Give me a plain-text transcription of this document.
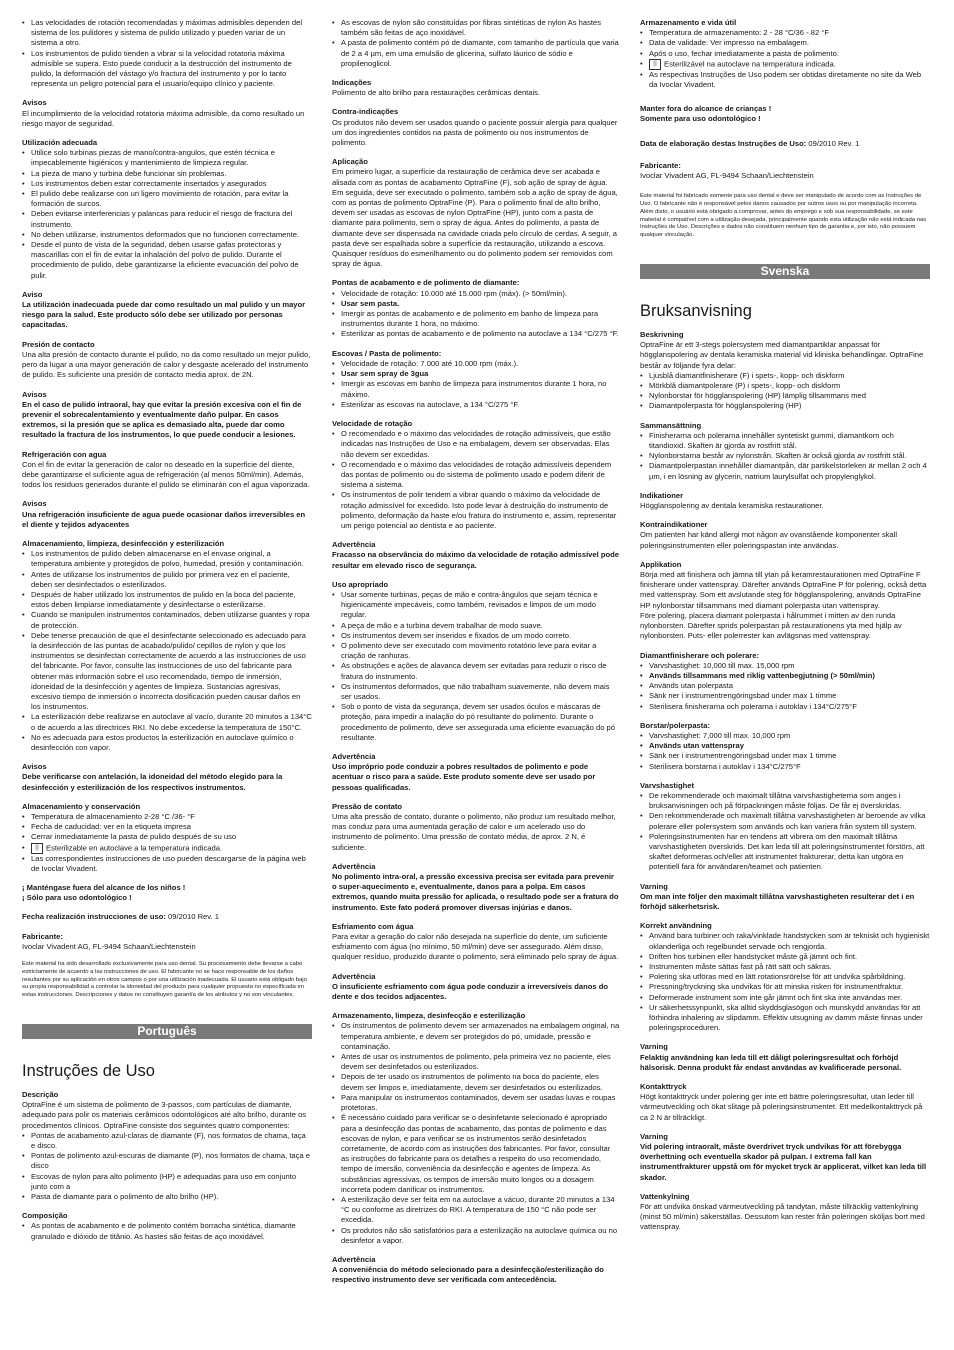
• Las velocidades de rotación recomendadas y máximas admisibles dependen del sistema de los pulidores y sistema de pulido utilizado y pueden variar de un sistema a otro.
• Los instrumentos de pulido tienden a vibrar si la velocidad rotatoria máxima admisible se supera. Esto puede conducir a la destrucción del instrumento de pulido, la deformación del vástago y/o fractura del instrumento y por lo tanto representa un peligro potencial para el usuario/equipo clínico y paciente.
Avisos
El incumplimiento de la velocidad rotatoria máxima admisible, da como resultado un riesgo mayor de seguridad.
Utilización adecuada
• Utilice solo turbinas piezas de mano/contra-angulos, que estén técnica e impecablemente higiénicos y mantenimiento de limpieza regular.
• La pieza de mano y turbina debe funcionar sin problemas.
• Los instrumentos deben estar correctamente insertados y asegurados
• El pulido debe realizarse con un ligero movimiento de rotación, para evitar la formación de surcos.
• Deben evitarse interferencias y palancas para reducir el riesgo de fractura del instrumento.
• No deben utilizarse, instrumentos deformados que no funcionen correctamente.
• Desde el punto de vista de la seguridad, deben usarse gafas protectoras y mascarillas con el fin de evitar la inhalación del polvo de pulido. Durante el procedimiento de pulido, debe garantizarse la eficiente evacuación del polvo de pulir.
Aviso
La utilización inadecuada puede dar como resultado un mal pulido y un mayor riesgo para la salud. Este producto sólo debe ser utilizado por personas capacitadas.
Presión de contacto
Una alta presión de contacto durante el pulido, no da como resultado un mejor pulido, pero da lugar a una mayor generación de calor y desgaste acelerado del instrumento de pulido. Es suficiente una presión de contacto media aprox. de 2N.
Avisos
En el caso de pulido intraoral, hay que evitar la presión excesiva con el fin de prevenir el sobrecalentamiento y eventualmente daño pulpar. En casos extremos, si la presión que se aplica es demasiado alta, puede dar como resultado la fractura de los instrumentos, lo que puede conducir a lesiones.
Refrigeración con agua
Con el fin de evitar la generación de calor no deseado en la superficie del diente, debe garantizarse el suficiente agua de refrigeración (al menos 50ml/min). Además, todos los residuos generados durante el pulido se eliminarán con el agua vaporizada.
Avisos
Una refrigeración insuficiente de agua puede ocasionar daños irreversibles en el diente y tejidos adyacentes
Almacenamiento, limpieza, desinfección y esterilización
• Los instrumentos de pulido deben almacenarse en el envase original, a temperatura ambiente y protegidos de polvo, humedad, presión y contaminación.
• Antes de utilizarse los instrumentos de pulido por primera vez en el paciente, deben ser desinfectados o esterilizados.
• Después de haber utilizado los instrumentos de pulido en la boca del paciente, estos deben limpiarse inmediatamente y desinfectarse o esterilizarse.
• Cuando se manipulen instrumentos contaminados, deben utilizarse guantes y ropa de protección.
• Debe tenerse precaución de que el desinfectante seleccionado es adecuado para la desinfección de las puntas de acabado/pulido/ cepillos de nylon y que los instrumentos se desinfectan correctamente de acuerdo a las instrucciones de uso del fabricante. Por favor, consulte las instrucciones de uso del fabricante para obtener más información sobre el uso recomendado, tiempo de inmersión, idoneidad de la desinfección y agentes de limpieza. Sustancias agresivas, excesivo tiempo de inmersión o incorrecta dosificación pueden causar daños en los instrumentos.
• La esterilización debe realizarse en autoclave al vacío, durante 20 minutos a 134°C o de acuerdo a las directrices RKI. No debe excederse la temperatura de 150°C.
• No es adecuada para estos productos la esterilización en autoclave químico o desinfección con vapor.
Avisos
Debe verificarse con antelación, la idoneidad del método elegido para la desinfección y esterilización de los respectivos instrumentos.
Almacenamiento y conservación
• Temperatura de almacenamiento 2-28 °C /36- °F
• Fecha de caducidad: ver en la etiqueta impresa
• Cerrar inmediatamente la pasta de pulido después de su uso
• ▒ Esterilizable en autoclave a la temperatura indicada.
• Las correspondientes instrucciones de uso pueden descargarse de la página web de Ivoclar Vivadent.
¡ Manténgase fuera del alcance de los niños !
¡ Sólo para uso odontológico !
Fecha realización instrucciones de uso: 09/2010 Rev. 1
Fabricante:
Ivoclar Vivadent AG, FL-9494 Schaan/Liechtenstein
Este material ha sido desarrollado exclusivamente para uso dental. Su procesamiento debe llevarse a cabo estrictamente de acuerdo a las instrucciones de uso. El fabricante no se hace responsable de los daños resultantes por su aplicación en otros campos o por una utilización inadecuada. El usuario está obligado bajo su propia responsabilidad a controlar la idoneidad del producto para cualquier propuesta no específicada en estas instrucciones. Descripciones y datos no constituyen garantía de los atributos y no son vinculantes.
Português
Instruções de Uso
Descrição
OptraFine é um sistema de polimento de 3-passos, com partículas de diamante, adequado para polir os materiais cerâmicos odontológicos até alto brilho, durante os procedimentos clínicos. OptraFine consiste dos seguintes quatro componentes:
• Pontas de acabamento azul-claras de diamante (F), nos formatos de chama, taça e disco.
• Pontas de polimento azul-escuras de diamante (P), nos formatos de chama, taça e disco
• Escovas de nylon para alto polimento (HP) e adequadas para uso em conjunto junto com a
• Pasta de diamante para o polimento de alto brilho (HP).
Composição
• As pontas de acabamento e de polimento contém borracha sintética, diamante granulado e dióxido de titânio. As hastes são feitas de aço inoxidável.
• As escovas de nylon são constituídas por fibras sintéticas de nylon As hastes também são feitas de aço inoxidável.
• A pasta de polimento contém pó de diamante, com tamanho de partícula que varia de 2 a 4 µm, em uma emulsão de glicerina, sulfato láurico de sódio e propilenoglicol.
Indicações
Polimento de alto brilho para restaurações cerâmicas dentais.
Contra-indicações
Os produtos não devem ser usados quando o paciente possuir alergia para qualquer um dos ingredientes contidos na pasta de polimento ou nos instrumentos de polimento.
Aplicação
Em primeiro lugar, a superfície da restauração de cerâmica deve ser acabada e alisada com as pontas de acabamento OptraFine (F), sob ação de spray de água. Em seguida, deve ser executado o polimento, também sob a ação de spray de água, com as pontas de polimento OptraFine (P). Para o polimento final de alto brilho, devem ser usadas as escovas de nylon OptraFine (HP), junto com a pasta de diamante para polimento, sem o spray de água. Antes do polimento, a pasta de diamante deve ser dispensada na cavidade criada pelo círculo de cerdas. A seguir, a pasta deve ser espalhada sobre a superfície da restauração, utilizando a escova. Quaisquer resíduos do esmerilhamento ou do polimento podem ser removidos com spray de água.
Pontas de acabamento e de polimento de diamante:
• Velocidade de rotação: 10.000 até 15.000 rpm (máx). (> 50ml/min).
• Usar sem pasta.
• Imergir as pontas de acabamento e de polimento em banho de limpeza para instrumentos durante 1 hora, no máximo.
• Esterilizar as pontas de acabamento e de polimento na autoclave a 134 °C/275 °F.
Escovas / Pasta de polimento:
• Velocidade de rotação: 7.000 até 10.000 rpm (máx.).
• Usar sem spray de 3gua
• Imergir as escovas em banho de limpeza para instrumentos durante 1 hora, no máximo.
• Esterilizar as escovas na autoclave, a 134 °C/275 °F.
Velocidade de rotação
• O recomendado e o máximo das velocidades de rotação admissíveis, que estão indicadas nas Instruções de Uso e na embalagem, devem ser observadas. Elas não devem ser excedidas.
• O recomendado e o máximo das velocidades de rotação admissíveis dependem das pontas de polimento ou do sistema de polimento usado e podem diferir de sistema a sistema.
• Os instrumentos de polir tendem a vibrar quando o máximo da velocidade de rotação admissível for excedido. Isto pode levar à destruição do instrumento de polimento, deformação da haste e/ou fratura do instrumento e, assim, representar um perigo potencial ao dentista e ao paciente.
Advertência
Fracasso na observância do máximo da velocidade de rotação admissível pode resultar em elevado risco de segurança.
Uso apropriado
• Usar somente turbinas, peças de mão e contra-ângulos que sejam técnica e higienicamente impecáveis, como também, revisados e limpos de um modo regular.
• A peça de mão e a turbina devem trabalhar de modo suave.
• Os instrumentos devem ser inseridos e fixados de um modo correto.
• O polimento deve ser executado com movimento rotatório leve para evitar a criação de ranhuras.
• As obstruções e ações de alavanca devem ser evitadas para reduzir o risco de fratura do instrumento.
• Os instrumentos deformados, que não trabalham suavemente, não devem mais ser usados.
• Sob o ponto de vista da segurança, devem ser usados óculos e máscaras de proteção, para impedir a inalação do pó resultante do polimento. Durante o procedimento de polimento, deve ser assegurada uma eficiente evacuação do pó resultante.
Advertência
Uso impróprio pode conduzir a pobres resultados de polimento e pode acentuar o risco para a saúde. Este produto somente deve ser usado por pessoas qualificadas.
Pressão de contato
Uma alta pressão de contato, durante o polimento, não produz um resultado melhor, mas conduz para uma aumentada geração de calor e um acelerado uso do instrumento de polimento. Uma pressão de contato média, de aprox. 2 N, é suficiente.
Advertência
No polimento intra-oral, a pressão excessiva precisa ser evitada para prevenir o super-aquecimento e, eventualmente, danos para a polpa. Em casos extremos, quando muita pressão for aplicada, o resultado pode ser a fratura do instrumento. Este fato poderá promover diversas injúrias e danos.
Esfriamento com água
Para evitar a geração do calor não desejada na superfície do dente, um suficiente esfriamento com água (no mínimo, 50 ml/min) deve ser assegurado. Além disso, qualquer resíduo, produzido durante o polimento, será eliminado pelo spray de água.
Advertência
O insuficiente esfriamento com água pode conduzir a irreversíveis danos do dente e dos tecidos adjacentes.
Armazenamento, limpeza, desinfecção e esterilização
• Os instrumentos de polimento devem ser armazenados na embalagem original, na temperatura ambiente, e devem ser protegidos do pó, umidade, pressão e contaminação.
• Antes de usar os instrumentos de polimento, pela primeira vez no paciente, eles devem ser desinfetados ou esterilizados.
• Depois de ter usado os instrumentos de polimento na boca do paciente, eles devem ser limpos e, imediatamente, devem ser desinfetados ou esterilizados.
• Para manipular os instrumentos contaminados, devem ser usadas luvas e roupas protetoras.
• É necessário cuidado para verificar se o desinfetante selecionado é apropriado para a desinfecção das pontas de acabamento, das pontas de polimento e das escovas de nylon, e para verificar se os instrumentos serão desinfetados corretamente, de acordo com as instruções dos fabricantes. Por favor, consultar as instruções do fabricante para os detalhes a respeito do uso recomendado, tempo de imersão, conveniência da desinfecção e agentes de limpeza. As substâncias agressivas, os tempos de imersão muito longos ou a dosagem incorreta podem danificar os instrumentos.
• A esterilização deve ser feita em na autoclave a vácuo, durante 20 minutos a 134 °C ou conforme as diretrizes do RKI. A temperatura de 150 °C não pode ser excedida.
• Os produtos não são satisfatórios para a esterilização na autoclave química ou no desinfetor a vapor.
Advertência
A conveniência do método selecionado para a desinfecção/esterilização do respectivo instrumento deve ser verificada com antecedência.
Armazenamento e vida útil
• Temperatura de armazenamento: 2 - 28 °C/36 - 82 °F
• Data de validade: Ver impresso na embalagem.
• Após o uso, fechar imediatamente a pasta de polimento.
• ▒ Esterilizável na autoclave na temperatura indicada.
• As respectivas Instruções de Uso podem ser obtidas diretamente no site da Web da Ivoclar Vivadent.
Manter fora do alcance de crianças !
Somente para uso odontológico !
Data de elaboração destas Instruções de Uso: 09/2010 Rev. 1
Fabricante:
Ivoclar Vivadent AG, FL-9494 Schaan/Liechtenstein
Este material foi fabricado somente para uso dental e deve ser manipulado de acordo com as Instruções de Uso. O fabricante não é responsável pelos danos causados por outros usos ou por manipulação incorreta. Além disto, o usuário está obrigado a comprovar, antes do emprego e sob sua responsabilidade, se este material é compatível com a utilização desejada, principalmente quando esta utilização não está indicada nas Instruções de Uso. Descrições e dados não constituem nenhum tipo de garantia e, por isto, não possuem qualquer vinculação.
Svenska
Bruksanvisning
Beskrivning
OptraFine är ett 3-stegs polersystem med diamantpartiklar anpassat för högglanspolering av dentala keramiska material vid kliniska behandlingar. OptraFine består av följande fyra delar:
• Ljusblå diamantfinisherare (F) i spets-, kopp- och diskform
• Mörkblå diamantpolerare (P) i spets-, kopp- och diskform
• Nylonborstar för högglanspolering (HP) lämplig tillsammans med
• Diamantpolerpasta för högglanspolering (HP)
Sammansättning
• Finisherarna och polerarna innehåller syntetiskt gummi, diamantkorn och titandioxid. Skaften är gjorda av rostfritt stål.
• Nylonborstarna består av nylonstrån. Skaften är också gjorda av rostfritt stål.
• Diamantpolerpastan innehåller diamantpån, där partikelstorleken är mellan 2 och 4 µm, i en lösning av glycerin, natrium laurylsulfat och propylenglykol.
Indikationer
Högglanspolering av dentala keramiska restaurationer.
Kontraindikationer
Om patienten har känd allergi mot någon av ovanstående komponenter skall poleringsinstrumenten eller poleringspastan inte användas.
Applikation
Börja med att finishera och jämna till ytan på keramrestaurationen med OptraFine F finisherare under vattenspray. Därefter används OptraFine P för polering, också detta med vattenspray. Som ett avslutande steg för högglanspolering, används OptraFine HP nylonborstar tillsammans med diamant polerpasta utan vattenspray.
Före polering, placera diamant polerpasta i hålrummet i mitten av den runda nylonborsten. Därefter sprids polerpastan på restaurationens yta med hjälp av nylonborsten. Puts- eller polerrester kan avlägsnas med vattenspray.
Diamantfinisherare och polerare:
• Varvshastighet: 10,000 till max. 15,000 rpm
• Används tillsammans med riklig vattenbegjutning (> 50ml/min)
• Används utan polerpasta
• Sänk ner i instrumentrengöringsbad under max 1 timme
• Sterilisera finisherarna och polerarna i autoklav i 134°C/275°F
Borstar/polerpasta:
• Varvshastighet: 7,000 till max. 10,000 rpm
• Används utan vattenspray
• Sänk ner i instrumentrengöringsbad under max 1 timme
• Sterilisera borstarna i autoklav i 134°C/275°F
Varvshastighet
• De rekommenderade och maximalt tillåtna varvshastigheterna som anges i bruksanvisningen och på förpackningen måste följas. De får ej överskridas.
• Den rekommenderade och maximalt tillåtna varvshastigheten är beroende av vilka polerare eller polersystem som används och kan variera från system till system.
• Poleringsinstrumenten har en tendens att vibrera om den maximalt tillåtna varvshastigheten överskrids. Det kan leda till att poleringsinstrumentet förstörs, att skaftet deformeras och/eller att instrumentet frakturerar, detta kan utgöra en potentiell fara för användaren/teamet och patienten.
Varning
Om man inte följer den maximalt tillåtna varvshastigheten resulterar det i en förhöjd säkerhetsrisk.
Korrekt användning
• Använd bara turbiner och raka/vinklade handstycken som är tekniskt och hygieniskt oklanderliga och regelbundet servade och rengjorda.
• Driften hos turbinen eller handstycket måste gå jämnt och fint.
• Instrumenten måste sättas fast på rätt sätt och säkras.
• Polering ska utföras med en lätt rotationsrörelse för att undvika spårbildning.
• Pressning/tryckning ska undvikas för att minska risken för instrumentfraktur.
• Deformerade instrument som inte går jämnt och fint ska inte användas mer.
• Ur säkerhetssynpunkt, ska alltid skyddsglasögon och munskydd användas för att förhindra inhalering av slipdamm. Effektiv utsugning av damm måste finnas under poleringsproceduren.
Varning
Felaktig användning kan leda till ett dåligt poleringsresultat och förhöjd hälsorisk. Denna produkt får endast användas av kvalificerade personal.
Kontakttryck
Högt kontakttryck under polering ger inte ett bättre poleringsresultat, utan leder till värmeutveckling och ökat slitage på poleringsinstrumentet. Ett medelkontakttryck på ca 2 N är tillräckligt.
Varning
Vid polering intraoralt, måste överdrivet tryck undvikas för att förebygga överhettning och eventuella skador på pulpan. I extrema fall kan instrumentfrakturer uppstå om för mycket tryck är applicerat, vilket kan leda till skador.
Vattenkylning
För att undvika önskad värmeutveckling på tandytan, måste tillräcklig vattenkylning (minst 50 ml/min) säkerställas. Dessutom kan rester från poleringen sköljas bort med vattenspray.
